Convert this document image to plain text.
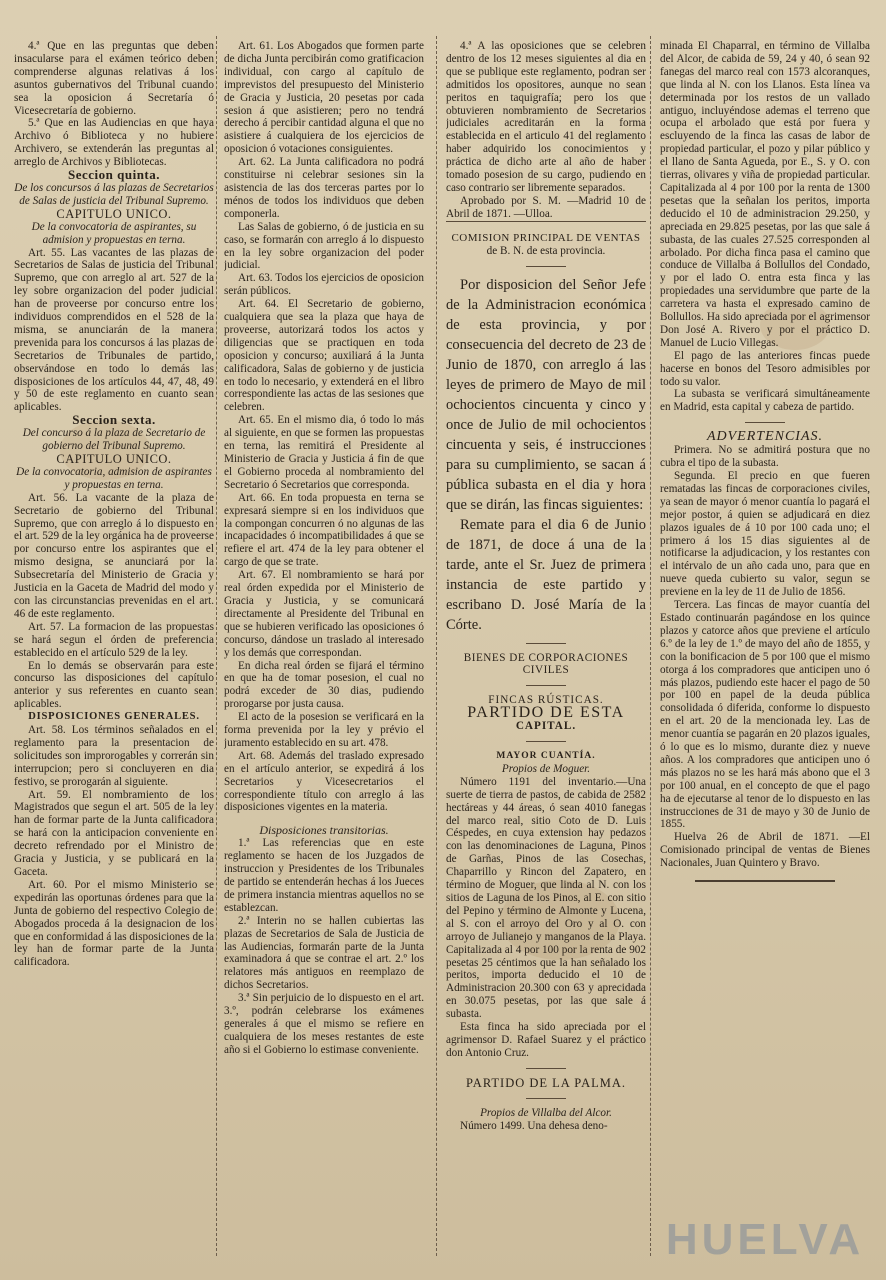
4.ª Que en las preguntas que deben insacularse para el exámen teórico deben comprenderse algunas relativas á los asuntos gubernativos del Tribunal cuando sea la oposicion á Secretaría ó Vicesecretaría de gobierno.

5.ª Que en las Audiencias en que haya Archivo ó Biblioteca y no hubiere Archivero, se extenderán las preguntas al arreglo de Archivos y Bibliotecas.

Seccion quinta.

De los concursos á las plazas de Secretarios de Salas de justicia del Tribunal Supremo.

CAPITULO UNICO.

De la convocatoria de aspirantes, su admision y propuestas en terna.

Art. 55. Las vacantes de las plazas de Secretarios de Salas de justicia del Tribunal Supremo, que con arreglo al art. 527 de la ley sobre organizacion del poder judicial han de proveerse por concurso entre los individuos comprendidos en el 528 de la misma, se anunciarán de la manera prevenida para los concursos á las plazas de Secretarios de Tribunales de partido, observándose en todo lo demás las disposiciones de los artículos 44, 47, 48, 49 y 50 de este reglamento en cuanto sean aplicables.

Seccion sexta.

Del concurso á la plaza de Secretario de gobierno del Tribunal Supremo.

CAPITULO UNICO.

De la convocatoria, admision de aspirantes y propuestas en terna.

Art. 56. La vacante de la plaza de Secretario de gobierno del Tribunal Supremo, que con arreglo á lo dispuesto en el art. 529 de la ley orgánica ha de proveerse por concurso entre los aspirantes que el mismo designa, se anunciará por la Subsecretaría del Ministerio de Gracia y Justicia en la Gaceta de Madrid del modo y con las circunstancias prevenidas en el art. 46 de este reglamento.

Art. 57. La formacion de las propuestas se hará segun el órden de preferencia establecido en el artículo 529 de la ley.

En lo demás se observarán para este concurso las disposiciones del capítulo anterior y sus referentes en cuanto sean aplicables.

DISPOSICIONES GENERALES.

Art. 58. Los términos señalados en el reglamento para la presentacion de solicitudes son improrogables y correrán sin interrupcion; pero si concluyeren en dia festivo, se prorogarán al siguiente.

Art. 59. El nombramiento de los Magistrados que segun el art. 505 de la ley han de formar parte de la Junta calificadora se hará con la anticipacion conveniente en decreto refrendado por el Ministro de Gracia y Justicia, y se publicará en la Gaceta.

Art. 60. Por el mismo Ministerio se expedirán las oportunas órdenes para que la Junta de gobierno del respectivo Colegio de Abogados proceda á la designacion de los que en conformidad á las disposiciones de la ley han de formar parte de la Junta calificadora.

Art. 61. Los Abogados que formen parte de dicha Junta percibirán como gratificacion individual, con cargo al capítulo de imprevistos del presupuesto del Ministerio de Gracia y Justicia, 20 pesetas por cada sesion á que asistieren; pero no tendrá derecho á percibir cantidad alguna el que no asistiere á cualquiera de los ejercicios de oposicion ó votaciones consiguientes.

Art. 62. La Junta calificadora no podrá constituirse ni celebrar sesiones sin la asistencia de las dos terceras partes por lo ménos de todos los individuos que deben componerla.

Las Salas de gobierno, ó de justicia en su caso, se formarán con arreglo á lo dispuesto en la ley sobre organizacion del poder judicial.

Art. 63. Todos los ejercicios de oposicion serán públicos.

Art. 64. El Secretario de gobierno, cualquiera que sea la plaza que haya de proveerse, autorizará todos los actos y diligencias que se practiquen en toda oposicion y concurso; auxiliará á la Junta calificadora, Salas de gobierno y de justicia en todo lo necesario, y extenderá en el libro correspondiente las actas de las sesiones que celebren.

Art. 65. En el mismo dia, ó todo lo más al siguiente, en que se formen las propuestas en terna, las remitirá el Presidente al Ministerio de Gracia y Justicia á fin de que el Gobierno proceda al nombramiento del Secretario ó Secretarios que corresponda.

Art. 66. En toda propuesta en terna se expresará siempre si en los individuos que la compongan concurren ó no algunas de las incapacidades ó incompatibilidades á que se refiere el art. 474 de la ley para obtener el cargo de que se trate.

Art. 67. El nombramiento se hará por real órden expedida por el Ministerio de Gracia y Justicia, y se comunicará directamente al Presidente del Tribunal en que se hubieren verificado las oposiciones ó concurso, dándose un traslado al interesado y los demás que correspondan.

En dicha real órden se fijará el término en que ha de tomar posesion, el cual no podrá exceder de 30 dias, pudiendo prorogarse por justa causa.

El acto de la posesion se verificará en la forma prevenida por la ley y prévio el juramento establecido en su art. 478.

Art. 68. Además del traslado expresado en el artículo anterior, se expedirá á los Secretarios y Vicesecretarios el correspondiente título con arreglo á las disposiciones vigentes en la materia.

Disposiciones transitorias.

1.ª Las referencias que en este reglamento se hacen de los Juzgados de instruccion y Presidentes de los Tribunales de partido se entenderán hechas á los Jueces de primera instancia mientras aquellos no se establezcan.

2.ª Interin no se hallen cubiertas las plazas de Secretarios de Sala de Justicia de las Audiencias, formarán parte de la Junta examinadora á que se contrae el art. 2.º los relatores más antiguos en reemplazo de dichos Secretarios.

3.ª Sin perjuicio de lo dispuesto en el art. 3.º, podrán celebrarse los exámenes generales á que el mismo se refiere en cualquiera de los meses restantes de este año si el Gobierno lo estimase conveniente.

4.ª A las oposiciones que se celebren dentro de los 12 meses siguientes al dia en que se publique este reglamento, podran ser admitidos los opositores, aunque no sean peritos en taquigrafía; pero los que obtuvieren nombramiento de Secretarios judiciales acreditarán en la forma establecida en el articulo 41 del reglamento haber adquirido los conocimientos y práctica de dicho arte al año de haber tomado posesion de su cargo, pudiendo en caso contrario ser libremente separados.

Aprobado por S. M. —Madrid 10 de Abril de 1871. —Ulloa.

COMISION PRINCIPAL DE VENTAS

de B. N. de esta provincia.

Por disposicion del Señor Jefe de la Administracion económica de esta provincia, y por consecuencia del decreto de 23 de Junio de 1870, con arreglo á las leyes de primero de Mayo de mil ochocientos cincuenta y cinco y once de Julio de mil ochocientos cincuenta y seis, é instrucciones para su cumplimiento, se sacan á pública subasta en el dia y hora que se dirán, las fincas siguientes:

Remate para el dia 6 de Junio de 1871, de doce á una de la tarde, ante el Sr. Juez de primera instancia de este partido y escribano D. José María de la Córte.

BIENES DE CORPORACIONES CIVILES

FINCAS RÚSTICAS.

PARTIDO DE ESTA

CAPITAL.

MAYOR CUANTÍA.

Propios de Moguer.

Número 1191 del inventario.—Una suerte de tierra de pastos, de cabida de 2582 hectáreas y 44 áreas, ó sean 4010 fanegas del marco real, sitio Coto de D. Luis Céspedes, en cuya extension hay pedazos con las denominaciones de Laguna, Pinos de Garñas, Pinos de las Cosechas, Chaparrillo y Rincon del Zapatero, en término de Moguer, que linda al N. con los sitios de Laguna de los Pinos, al E. con sitio del Pepino y término de Almonte y Lucena, al S. con el arroyo del Oro y al O. con arroyo de Julianejo y manganos de la Playa. Capitalizada al 4 por 100 por la renta de 902 pesetas 25 céntimos que la han señalado los peritos, importa deducido el 10 de Administracion 20.300 con 63 y aprecidada en 30.075 pesetas, por las que sale á subasta.

Esta finca ha sido apreciada por el agrimensor D. Rafael Suarez y el práctico don Antonio Cruz.

PARTIDO DE LA PALMA.

Propios de Villalba del Alcor.

Número 1499. Una dehesa deno-

minada El Chaparral, en término de Villalba del Alcor, de cabida de 59, 24 y 40, ó sean 92 fanegas del marco real con 1573 alcoranques, que linda al N. con los Llanos. Esta línea va determinada por los restos de un vallado antiguo, incluyéndose ademas el terreno que ocupa el arbolado que está por fuera y escluyendo de la finca las casas de labor de propiedad particular, el pozo y pilar público y el llano de Santa Agueda, por E., S. y O. con tierras, olivares y viña de propiedad particular. Capitalizada al 4 por 100 por la renta de 1300 pesetas que la señalan los peritos, importa deducido el 10 de administracion 29.250, y apreciada en 29.825 pesetas, por las que sale á subasta, de las cuales 27.525 corresponden al arbolado. Por dicha finca pasa el camino que conduce de Villalba á Bollullos del Condado, y por el lado O. entra esta finca y las propiedades una servidumbre que parte de la carretera va hasta el expresado camino de Bollullos. Ha sido apreciada por el agrimensor Don José A. Rivero y por el práctico D. Manuel de Lucio Villegas.

El pago de las anteriores fincas puede hacerse en bonos del Tesoro admisibles por todo su valor.

La subasta se verificará simultáneamente en Madrid, esta capital y cabeza de partido.

ADVERTENCIAS.

Primera. No se admitirá postura que no cubra el tipo de la subasta.

Segunda. El precio en que fueren rematadas las fincas de corporaciones civiles, ya sean de mayor ó menor cuantía lo pagará el mejor postor, á quien se adjudicará en diez plazos iguales de á 10 por 100 cada uno; el primero á los 15 dias siguientes al de notificarse la adjudicacion, y los restantes con el intérvalo de un año cada uno, para que en nueve queda cubierto su valor, segun se previene en la ley de 11 de Julio de 1856.

Tercera. Las fincas de mayor cuantía del Estado continuarán pagándose en los quince plazos y catorce años que previene el artículo 6.º de la ley de 1.º de mayo del año de 1855, y con la bonificacion de 5 por 100 que el mismo otorga á los compradores que anticipen uno ó más plazos, pudiendo este hacer el pago de 50 por 100 en papel de la deuda pública consolidada ó diferida, conforme lo dispuesto en el art. 20 de la mencionada ley. Las de menor cuantía se pagarán en 20 plazos iguales, ó lo que es lo mismo, durante diez y nueve años. A los compradores que anticipen uno ó más plazos no se les hará más abono que el 3 por 100 anual, en el concepto de que el pago ha de ejecutarse al tenor de lo dispuesto en las instrucciones de 31 de mayo y 30 de Junio de 1855.

Huelva 26 de Abril de 1871. —El Comisionado principal de ventas de Bienes Nacionales, Juan Quintero y Bravo.

HUELVA
